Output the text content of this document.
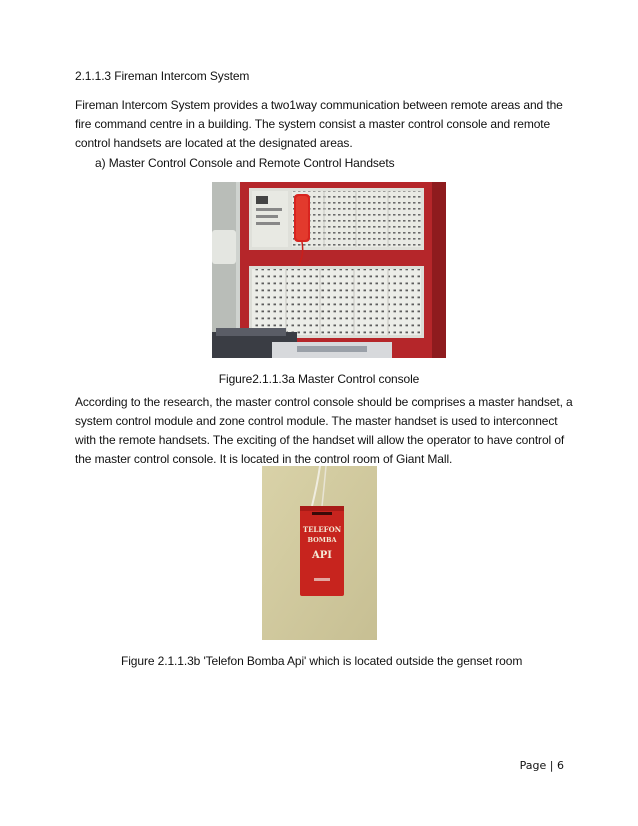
2.1.1.3 Fireman Intercom System
Fireman Intercom System provides a two1way communication between remote areas and the
fire command centre in a building. The system consist a master control console and remote
control handsets are located at the designated areas.
a) Master Control Console and Remote Control Handsets
Figure2.1.1.3a Master Control console
According to the research, the master control console should be comprises a master handset, a
system control module and zone control module. The master handset is used to interconnect
with the remote handsets. The exciting of the handset will allow the operator to have control of
the master control console. It is located in the control room of Giant Mall.
TELEFON
BOMBA
API
Figure 2.1.1.3b 'Telefon Bomba Api' which is located outside the genset room
Page | 6
